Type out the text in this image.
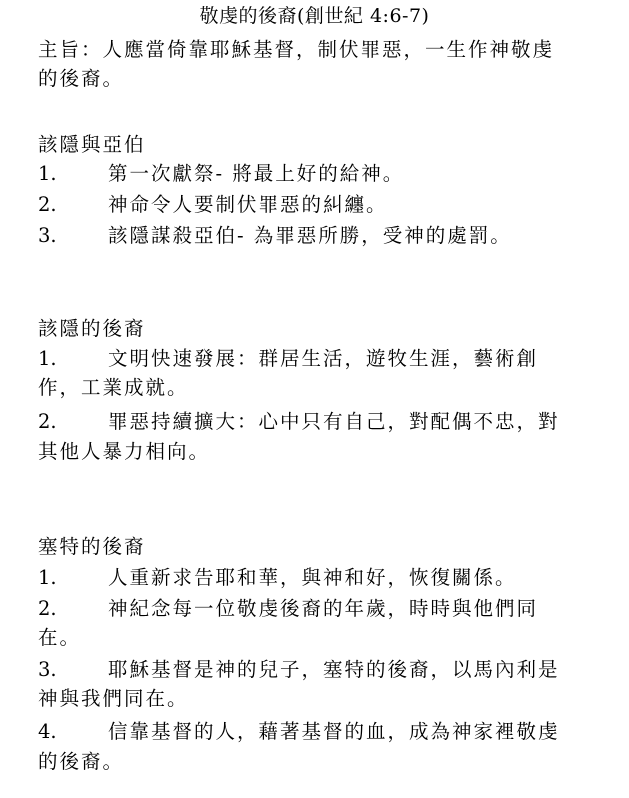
敬虔的後裔(創世紀 4:6-7)
主旨：人應當倚靠耶穌基督，制伏罪惡，一生作神敬虔
的後裔。
該隱與亞伯
1.	第一次獻祭- 將最上好的給神。
2.	神命令人要制伏罪惡的糾纏。
3.	該隱謀殺亞伯- 為罪惡所勝，受神的處罰。
該隱的後裔
1.	文明快速發展：群居生活，遊牧生涯，藝術創
作，工業成就。
2.	罪惡持續擴大：心中只有自己，對配偶不忠，對
其他人暴力相向。
塞特的後裔
1.	人重新求告耶和華，與神和好，恢復關係。
2.	神紀念每一位敬虔後裔的年歲，時時與他們同
在。
3.	耶穌基督是神的兒子，塞特的後裔，以馬內利是
神與我們同在。
4.	信靠基督的人，藉著基督的血，成為神家裡敬虔
的後裔。
